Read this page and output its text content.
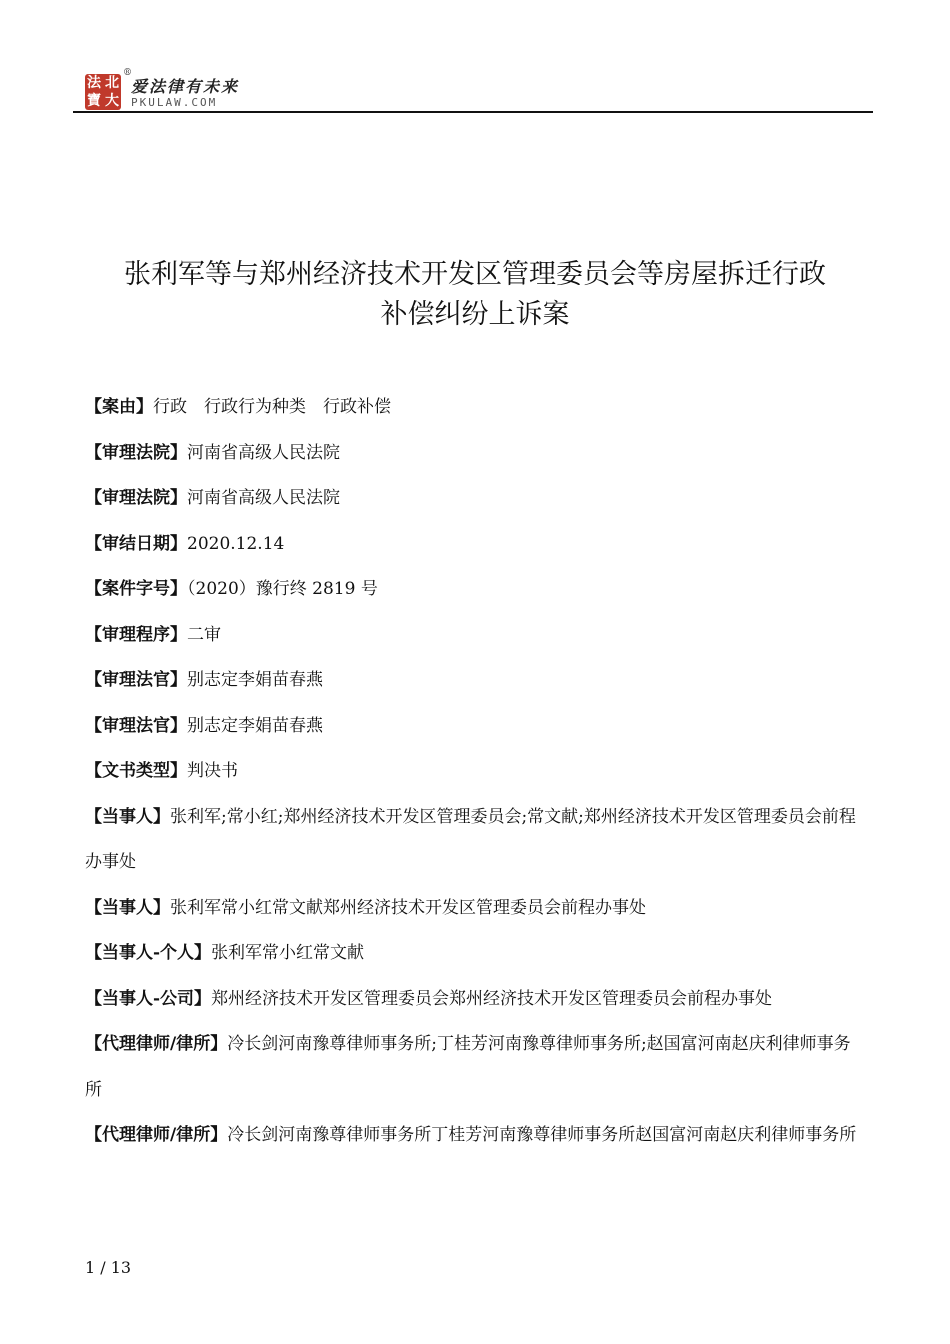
法 北
寶 大
®
爱法律有未来
PKULAW.COM
张利军等与郑州经济技术开发区管理委员会等房屋拆迁行政
补偿纠纷上诉案

【案由】行政　行政行为种类　行政补偿

【审理法院】河南省高级人民法院

【审理法院】河南省高级人民法院

【审结日期】2020.12.14

【案件字号】（2020）豫行终 2819 号

【审理程序】二审

【审理法官】别志定李娟苗春燕

【审理法官】别志定李娟苗春燕

【文书类型】判决书

【当事人】张利军;常小红;郑州经济技术开发区管理委员会;常文献;郑州经济技术开发区管理委员会前程办事处

【当事人】张利军常小红常文献郑州经济技术开发区管理委员会前程办事处

【当事人-个人】张利军常小红常文献

【当事人-公司】郑州经济技术开发区管理委员会郑州经济技术开发区管理委员会前程办事处

【代理律师/律所】冷长剑河南豫尊律师事务所;丁桂芳河南豫尊律师事务所;赵国富河南赵庆利律师事务所

【代理律师/律所】冷长剑河南豫尊律师事务所丁桂芳河南豫尊律师事务所赵国富河南赵庆利律师事务所

1 / 13
